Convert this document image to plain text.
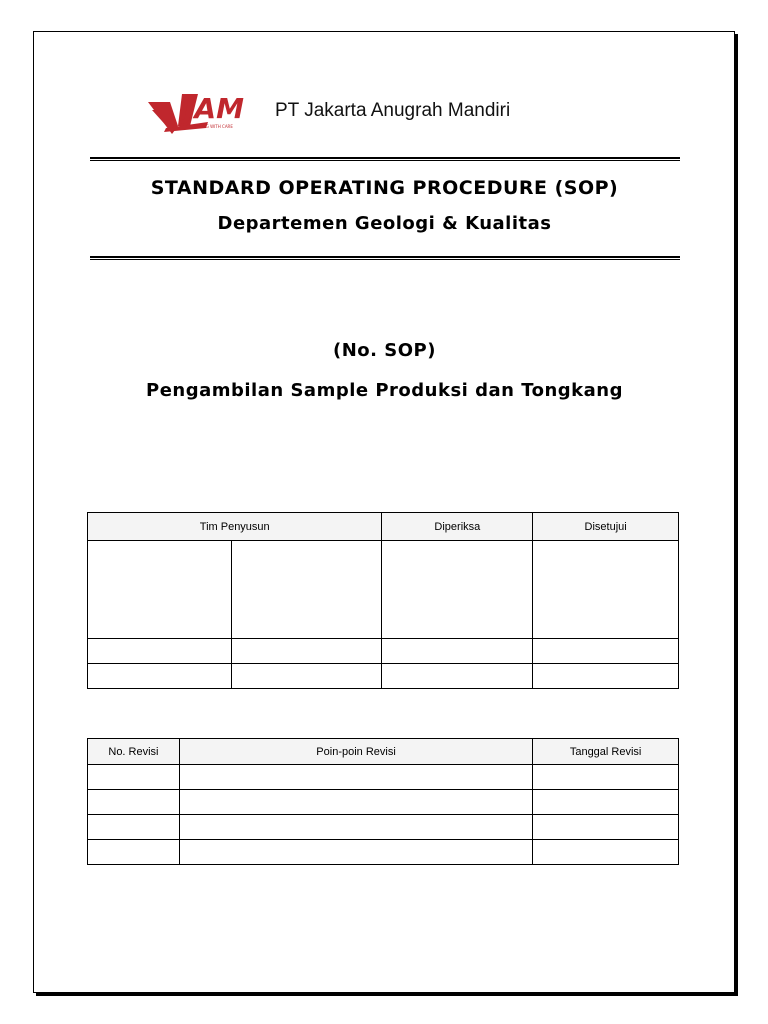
JAM
MINING WITH CARE
PT Jakarta Anugrah Mandiri
STANDARD OPERATING PROCEDURE (SOP)
Departemen Geologi & Kualitas
(No. SOP)
Pengambilan Sample Produksi dan Tongkang
Tim Penyusun		Diperiksa	Disetujui

No. Revisi	Poin-poin Revisi	Tanggal Revisi
